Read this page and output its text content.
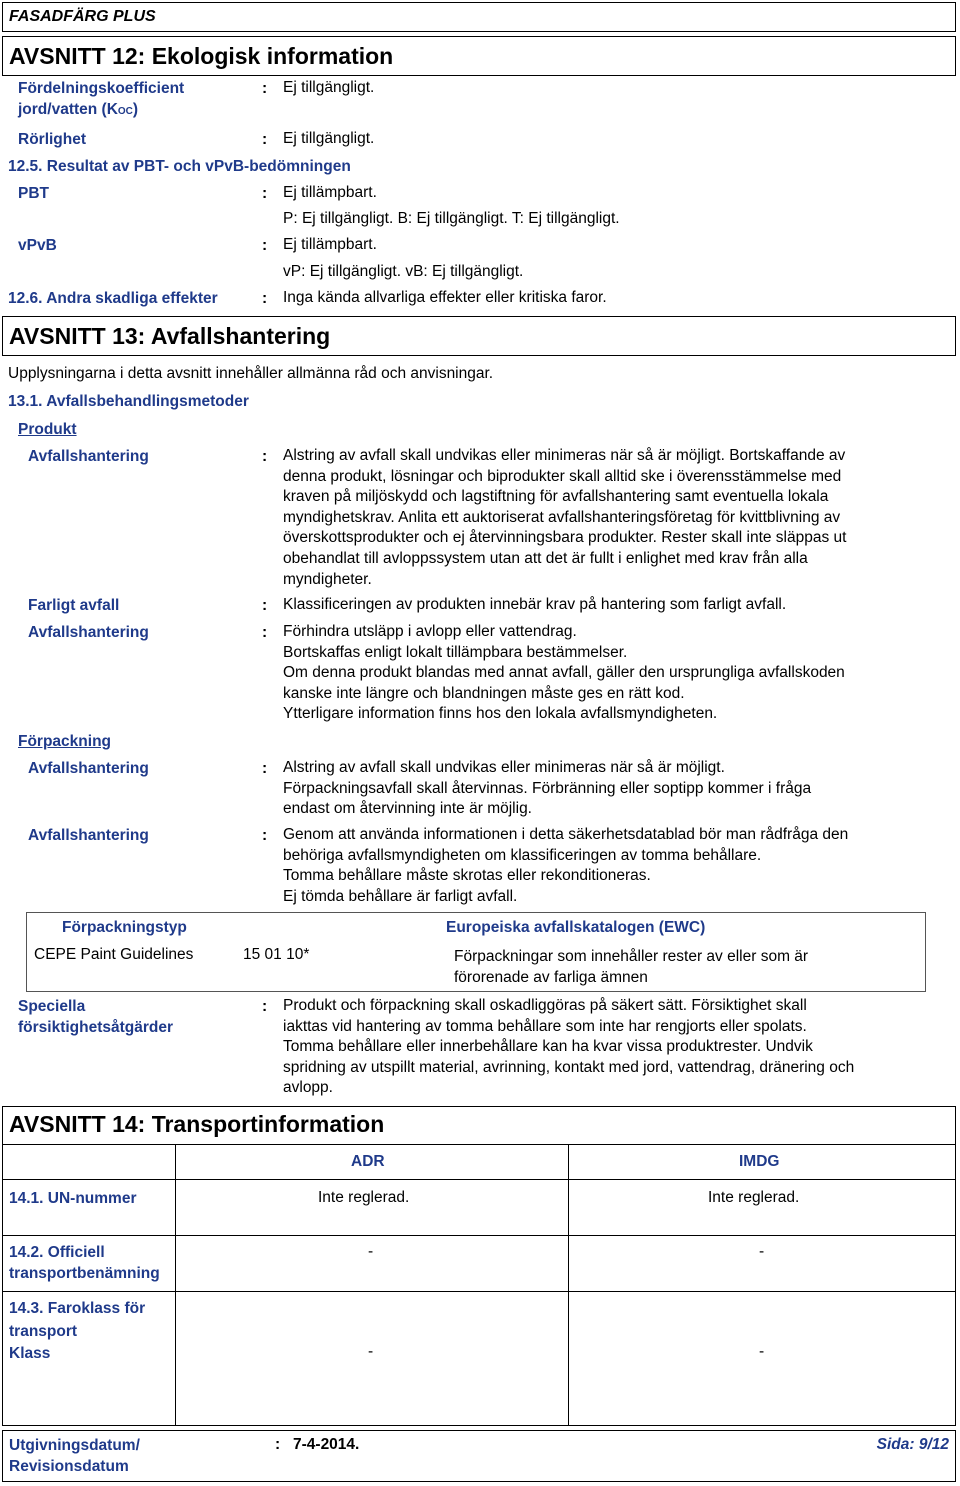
FASADFÄRG PLUS
AVSNITT 12: Ekologisk information
Fördelningskoefficient
jord/vatten (KOC)
: Ej tillgängligt.
Rörlighet	: Ej tillgängligt.
12.5. Resultat av PBT- och vPvB-bedömningen
PBT	: Ej tillämpbart.
P: Ej tillgängligt. B: Ej tillgängligt. T: Ej tillgängligt.
vPvB	: Ej tillämpbart.
vP: Ej tillgängligt. vB: Ej tillgängligt.
12.6. Andra skadliga effekter	: Inga kända allvarliga effekter eller kritiska faror.
AVSNITT 13: Avfallshantering
Upplysningarna i detta avsnitt innehåller allmänna råd och anvisningar.
13.1. Avfallsbehandlingsmetoder
Produkt
Avfallshantering	: Alstring av avfall skall undvikas eller minimeras när så är möjligt. Bortskaffande av
denna produkt, lösningar och biprodukter skall alltid ske i överensstämmelse med
kraven på miljöskydd och lagstiftning för avfallshantering samt eventuella lokala
myndighetskrav. Anlita ett auktoriserat avfallshanteringsföretag för kvittblivning av
överskottsprodukter och ej återvinningsbara produkter. Rester skall inte släppas ut
obehandlat till avloppssystem utan att det är fullt i enlighet med krav från alla
myndigheter.
Farligt avfall	: Klassificeringen av produkten innebär krav på hantering som farligt avfall.
Avfallshantering	: Förhindra utsläpp i avlopp eller vattendrag.
Bortskaffas enligt lokalt tillämpbara bestämmelser.
Om denna produkt blandas med annat avfall, gäller den ursprungliga avfallskoden
kanske inte längre och blandningen måste ges en rätt kod.
Ytterligare information finns hos den lokala avfallsmyndigheten.
Förpackning
Avfallshantering	: Alstring av avfall skall undvikas eller minimeras när så är möjligt.
Förpackningsavfall skall återvinnas. Förbränning eller soptipp kommer i fråga
endast om återvinning inte är möjlig.
Avfallshantering	: Genom att använda informationen i detta säkerhetsdatablad bör man rådfråga den
behöriga avfallsmyndigheten om klassificeringen av tomma behållare.
Tomma behållare måste skrotas eller rekonditioneras.
Ej tömda behållare är farligt avfall.
Förpackningstyp	Europeiska avfallskatalogen (EWC)
CEPE Paint Guidelines	15 01 10*	Förpackningar som innehåller rester av eller som är
förorenade av farliga ämnen
Speciella
försiktighetsåtgärder
: Produkt och förpackning skall oskadliggöras på säkert sätt. Försiktighet skall
iakttas vid hantering av tomma behållare som inte har rengjorts eller spolats.
Tomma behållare eller innerbehållare kan ha kvar vissa produktrester. Undvik
spridning av utspillt material, avrinning, kontakt med jord, vattendrag, dränering och
avlopp.
AVSNITT 14: Transportinformation
ADR	IMDG
14.1. UN-nummer	Inte reglerad.	Inte reglerad.
14.2. Officiell
transportbenämning
-	-
14.3. Faroklass för
transport
Klass	-	-
Utgivningsdatum/
Revisionsdatum
: 7-4-2014.	Sida: 9/12
